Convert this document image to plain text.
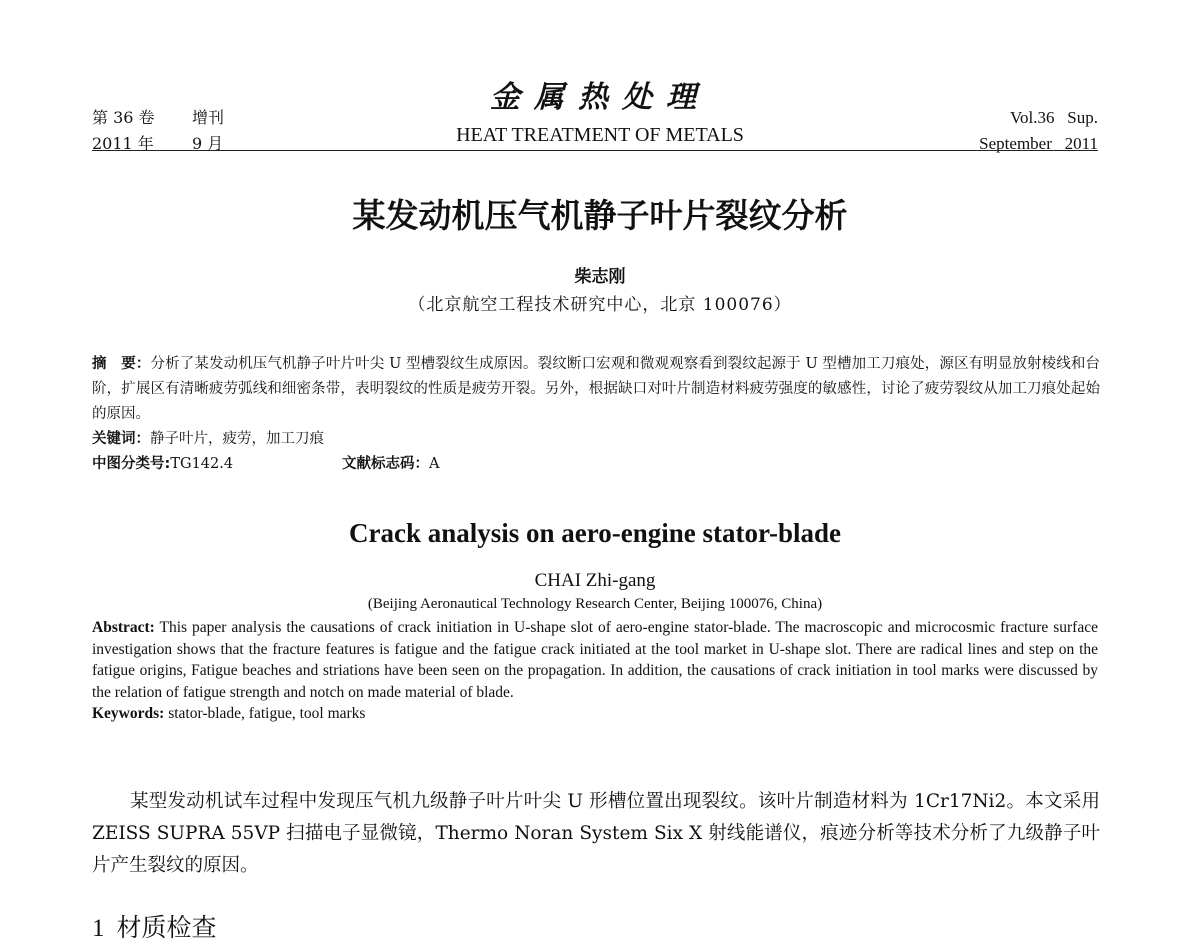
第 36 卷	增刊
2011 年	9 月
金属热处理
HEAT TREATMENT OF METALS
Vol.36 Sup.
September 2011
某发动机压气机静子叶片裂纹分析
柴志刚
（北京航空工程技术研究中心，北京 100076）
摘　要：分析了某发动机压气机静子叶片叶尖 U 型槽裂纹生成原因。裂纹断口宏观和微观观察看到裂纹起源于 U 型槽加工刀痕处，源区有明显放射棱线和台阶，扩展区有清晰疲劳弧线和细密条带，表明裂纹的性质是疲劳开裂。另外，根据缺口对叶片制造材料疲劳强度的敏感性，讨论了疲劳裂纹从加工刀痕处起始的原因。
关键词：静子叶片，疲劳，加工刀痕
中图分类号:TG142.4	文献标志码：A
Crack analysis on aero-engine stator-blade
CHAI Zhi-gang
(Beijing Aeronautical Technology Research Center, Beijing 100076, China)
Abstract: This paper analysis the causations of crack initiation in U-shape slot of aero-engine stator-blade. The macroscopic and microcosmic fracture surface investigation shows that the fracture features is fatigue and the fatigue crack initiated at the tool market in U-shape slot. There are radical lines and step on the fatigue origins, Fatigue beaches and striations have been seen on the propagation. In addition, the causations of crack initiation in tool marks were discussed by the relation of fatigue strength and notch on made material of blade.
Keywords: stator-blade, fatigue, tool marks
某型发动机试车过程中发现压气机九级静子叶片叶尖 U 形槽位置出现裂纹。该叶片制造材料为 1Cr17Ni2。本文采用 ZEISS SUPRA 55VP 扫描电子显微镜，Thermo Noran System Six X 射线能谱仪，痕迹分析等技术分析了九级静子叶片产生裂纹的原因。
1 材质检查
